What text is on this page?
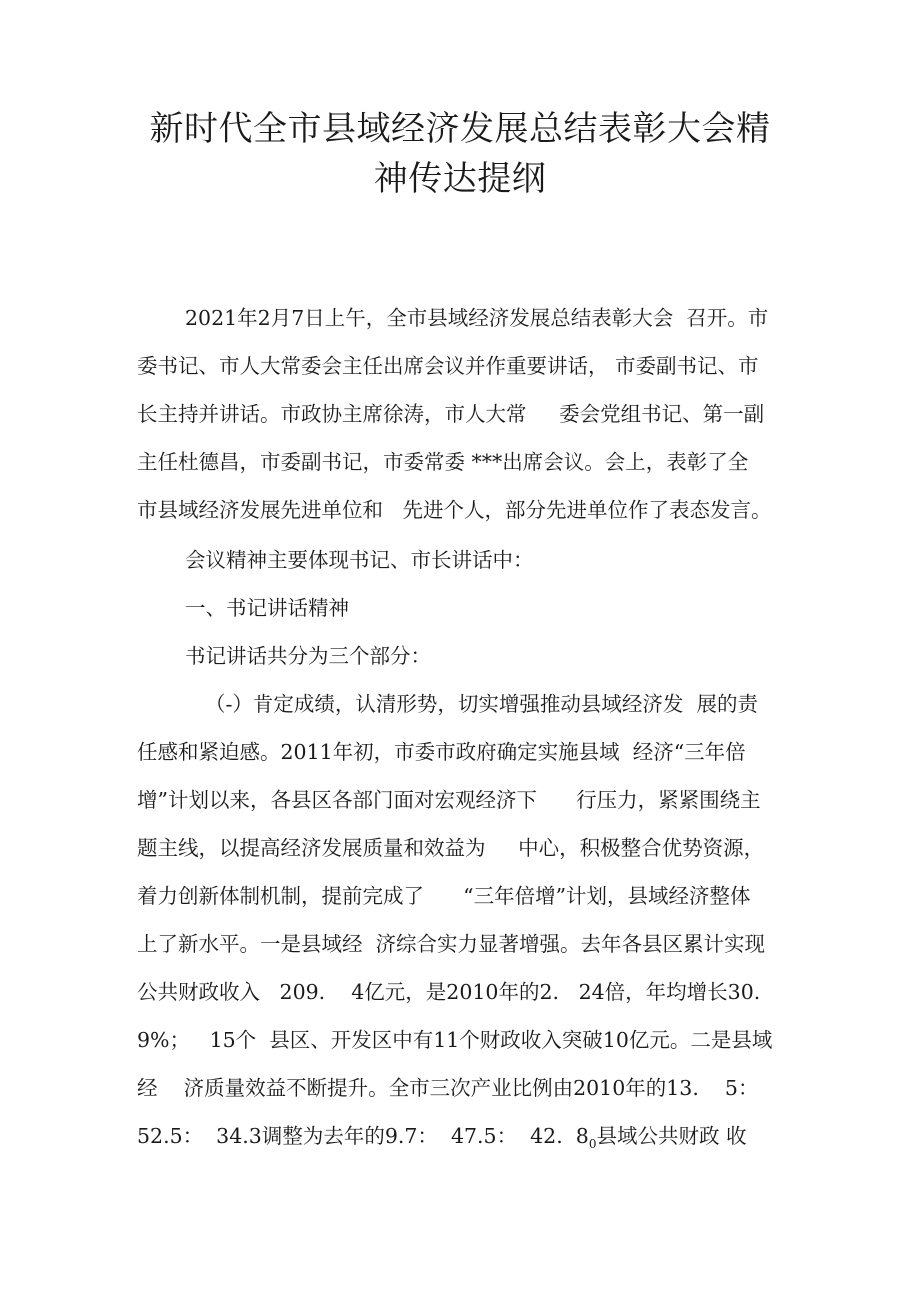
新时代全市县域经济发展总结表彰大会精
神传达提纲

2021年2月7日上午，全市县域经济发展总结表彰大会  召开。市

委书记、市人大常委会主任出席会议并作重要讲话， 市委副书记、市

长主持并讲话。市政协主席徐涛，市人大常     委会党组书记、第一副

主任杜德昌，市委副书记，市委常委 ***出席会议。会上，表彰了全

市县域经济发展先进单位和   先进个人，部分先进单位作了表态发言。

会议精神主要体现书记、市长讲话中：

一、书记讲话精神

书记讲话共分为三个部分：

（-）肯定成绩，认清形势，切实增强推动县域经济发  展的责

任感和紧迫感。2011年初，市委市政府确定实施县域  经济“三年倍

增”计划以来，各县区各部门面对宏观经济下      行压力，紧紧围绕主

题主线，以提高经济发展质量和效益为     中心，积极整合优势资源，

着力创新体制机制，提前完成了      “三年倍增”计划，县域经济整体

上了新水平。一是县域经  济综合实力显著增强。去年各县区累计实现

公共财政收入   209.    4亿元，是2010年的2.   24倍，年均增长30.

9%；   15个  县区、开发区中有11个财政收入突破10亿元。二是县域

经    济质量效益不断提升。全市三次产业比例由2010年的13.    5：

52.5：  34.3调整为去年的9.7：  47.5：  42.  $8_0$县域公共财政 收
